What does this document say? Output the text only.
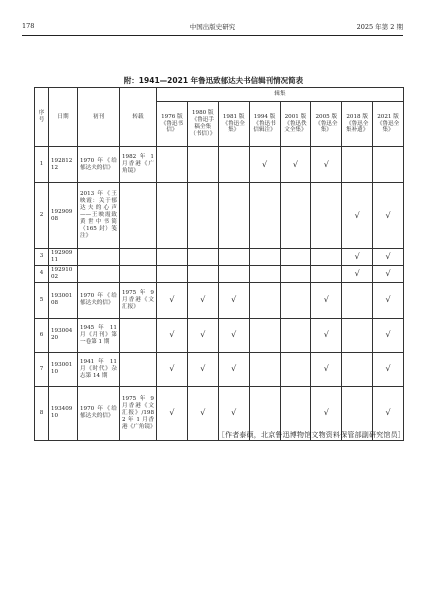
178	中国出版史研究	2025 年第 2 期
附：1941—2021 年鲁迅致郁达夫书信辑刊情况简表
序号	日期	初刊	转载	辑集							
				1976 版《鲁迅书信》	1980 版《鲁迅手稿全集（书信）》	1981 版《鲁迅全集》	1994 版《鲁迅书信辑注》	2001 版《鲁迅佚文全集》	2005 版《鲁迅全集》	2018 版《鲁迅全集补遗》	2021 版《鲁迅全集》
1	19281212	1970 年《给郁达夫的信》	1982 年 1 月香港《广角镜》				√	√	√		
2	19290908	2013 年《王映霞：关于郁达夫的心声——王映霞致黄世中书简（165 封）笺注》								√	√
3	19290911									√	√
4	19291002									√	√
5	19300108	1970 年《给郁达夫的信》	1975 年 9 月香港《文汇报》	√	√	√			√		√
6	19300420	1945 年 11 月《月刊》第一卷第 1 期		√	√	√			√		√
7	19300110	1941 年 11 月《时代》杂志第 14 期		√	√	√			√		√
8	19340910	1970 年《给郁达夫的信》	1975 年 9 月香港《文汇报》/1982 年 1 月香港《广角镜》	√	√	√			√		√
［作者泰硕，北京鲁迅博物馆文物资料保管部副研究馆员］
